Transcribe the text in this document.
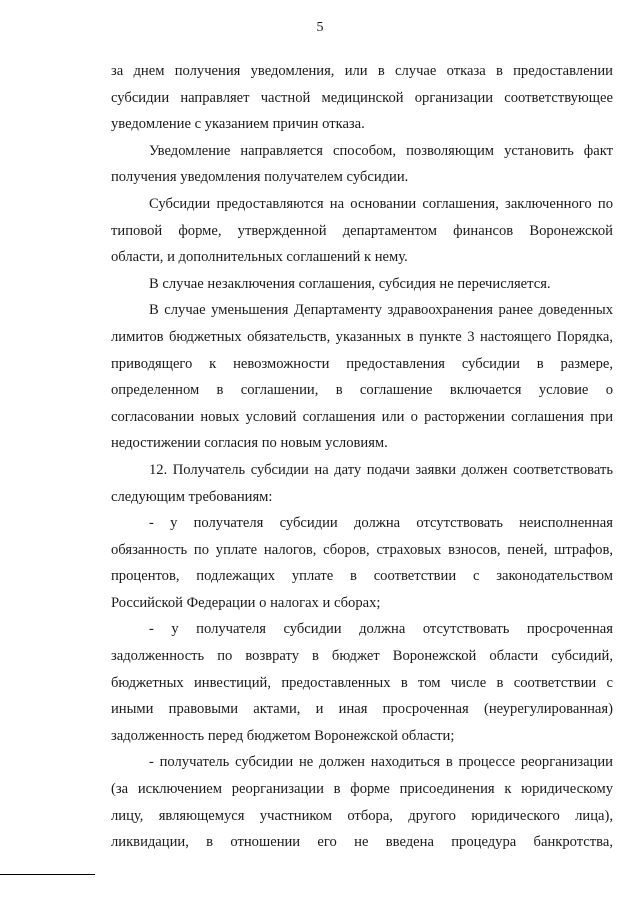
5
за днем получения уведомления, или в случае отказа в предоставлении
субсидии направляет частной медицинской организации соответствующее
уведомление с указанием причин отказа.
Уведомление направляется способом, позволяющим установить факт
получения уведомления получателем субсидии.
Субсидии предоставляются на основании соглашения, заключенного по
типовой форме, утвержденной департаментом финансов Воронежской
области, и дополнительных соглашений к нему.
В случае незаключения соглашения, субсидия не перечисляется.
В случае уменьшения Департаменту здравоохранения ранее доведенных
лимитов бюджетных обязательств, указанных в пункте 3 настоящего Порядка,
приводящего к невозможности предоставления субсидии в размере,
определенном в соглашении, в соглашение включается условие о
согласовании новых условий соглашения или о расторжении соглашения при
недостижении согласия по новым условиям.
12. Получатель субсидии на дату подачи заявки должен соответствовать
следующим требованиям:
- у получателя субсидии должна отсутствовать неисполненная
обязанность по уплате налогов, сборов, страховых взносов, пеней, штрафов,
процентов, подлежащих уплате в соответствии с законодательством
Российской Федерации о налогах и сборах;
- у получателя субсидии должна отсутствовать просроченная
задолженность по возврату в бюджет Воронежской области субсидий,
бюджетных инвестиций, предоставленных в том числе в соответствии с
иными правовыми актами, и иная просроченная (неурегулированная)
задолженность перед бюджетом Воронежской области;
- получатель субсидии не должен находиться в процессе реорганизации
(за исключением реорганизации в форме присоединения к юридическому
лицу, являющемуся участником отбора, другого юридического лица),
ликвидации, в отношении его не введена процедура банкротства,
